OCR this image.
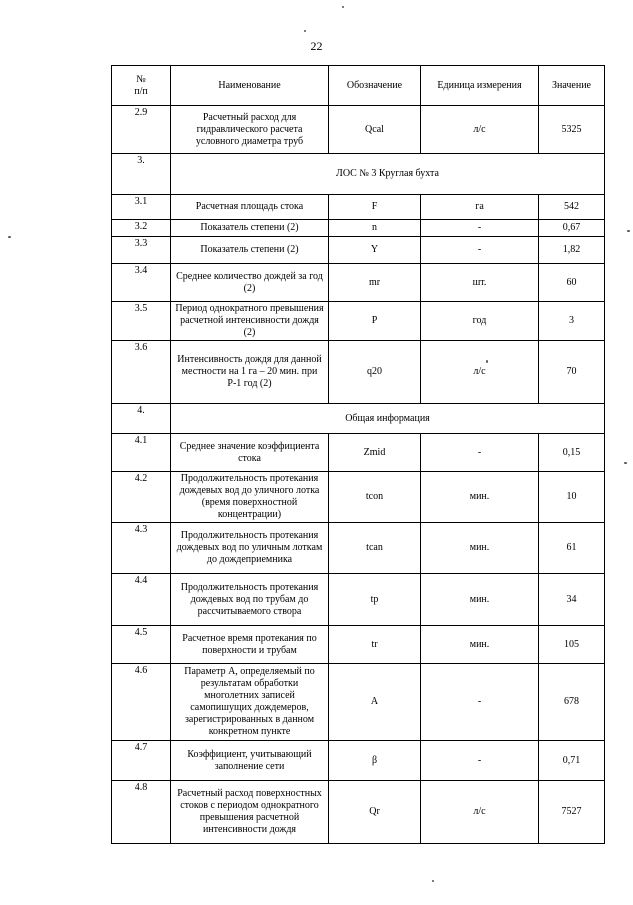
22
№
п/п	Наименование	Обозначение	Единица измерения	Значение
2.9	Расчетный расход для гидравлического расчета условного диаметра труб	Qcal	л/с	5325
3.	ЛОС № 3 Круглая бухта			
3.1	Расчетная площадь стока	F	га	542
3.2	Показатель степени (2)	n	-	0,67
3.3	Показатель степени (2)	Y	-	1,82
3.4	Среднее количество дождей за год (2)	mr	шт.	60
3.5	Период однократного превышения расчетной интенсивности дождя (2)	P	год	3
3.6	Интенсивность дождя для данной местности на 1 га – 20 мин. при Р-1 год (2)	q20	л/с	70
4.	Общая информация			
4.1	Среднее значение коэффициента стока	Zmid	-	0,15
4.2	Продолжительность протекания дождевых вод до уличного лотка (время поверхностной концентрации)	tcon	мин.	10
4.3	Продолжительность протекания дождевых вод по уличным лоткам до дождеприемника	tcan	мин.	61
4.4	Продолжительность протекания дождевых вод по трубам до рассчитываемого створа	tp	мин.	34
4.5	Расчетное время протекания по поверхности и трубам	tr	мин.	105
4.6	Параметр А, определяемый по результатам обработки многолетних записей самопишущих дождемеров, зарегистрированных в данном конкретном пункте	A	-	678
4.7	Коэффициент, учитывающий заполнение сети	β	-	0,71
4.8	Расчетный расход поверхностных стоков с периодом однократного превышения расчетной интенсивности дождя	Qr	л/с	7527
